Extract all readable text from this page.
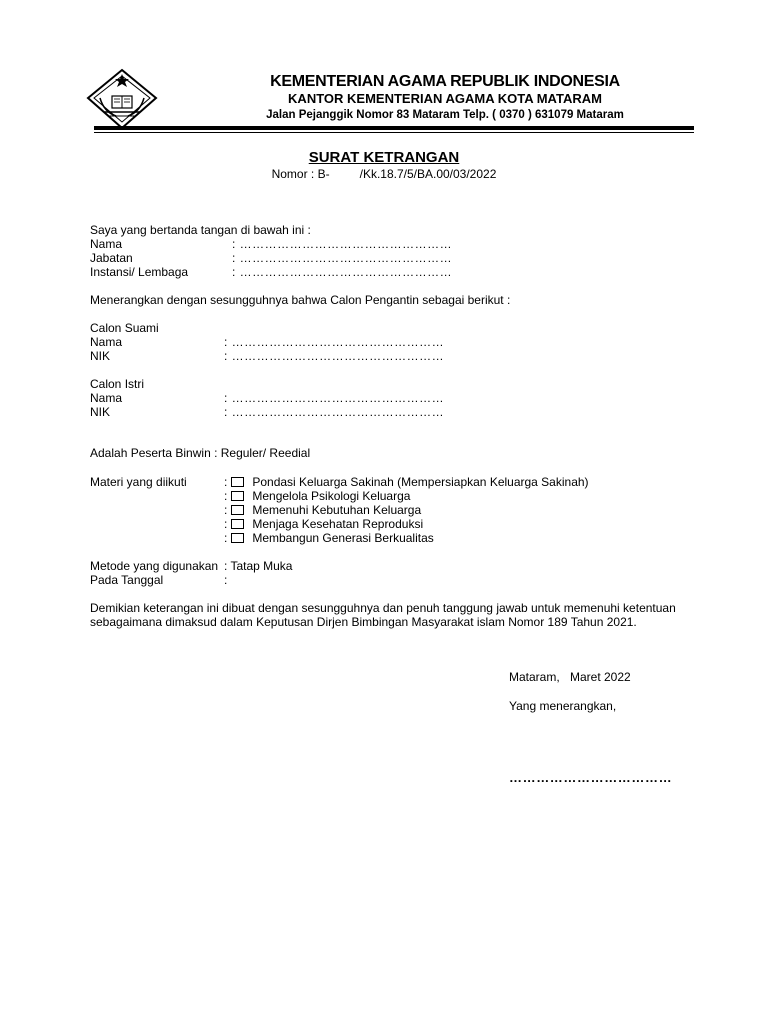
KEMENTERIAN AGAMA REPUBLIK INDONESIA
KANTOR KEMENTERIAN AGAMA KOTA MATARAM
Jalan Pejanggik Nomor 83 Mataram Telp. ( 0370 ) 631079 Mataram
SURAT KETRANGAN
Nomor : B-	/Kk.18.7/5/BA.00/03/2022
Saya yang bertanda tangan di bawah ini :
Nama	: ……………………………………………
Jabatan	: ……………………………………………
Instansi/ Lembaga	: ……………………………………………
Menerangkan dengan sesungguhnya bahwa Calon Pengantin sebagai berikut :
Calon Suami
Nama	: ……………………………………………
NIK	: ……………………………………………
Calon Istri
Nama	: ……………………………………………
NIK	: ……………………………………………
Adalah Peserta Binwin : Reguler/ Reedial
Materi yang diikuti	: Pondasi Keluarga Sakinah (Mempersiapkan Keluarga Sakinah)
: Mengelola Psikologi Keluarga
: Memenuhi Kebutuhan Keluarga
: Menjaga Kesehatan Reproduksi
: Membangun Generasi Berkualitas
Metode yang digunakan : Tatap Muka
Pada Tanggal	:
Demikian keterangan ini dibuat dengan sesungguhnya dan penuh tanggung jawab untuk memenuhi ketentuan
sebagaimana dimaksud dalam Keputusan Dirjen Bimbingan Masyarakat islam Nomor 189 Tahun 2021.
Mataram, Maret 2022
Yang menerangkan,
………………………………
